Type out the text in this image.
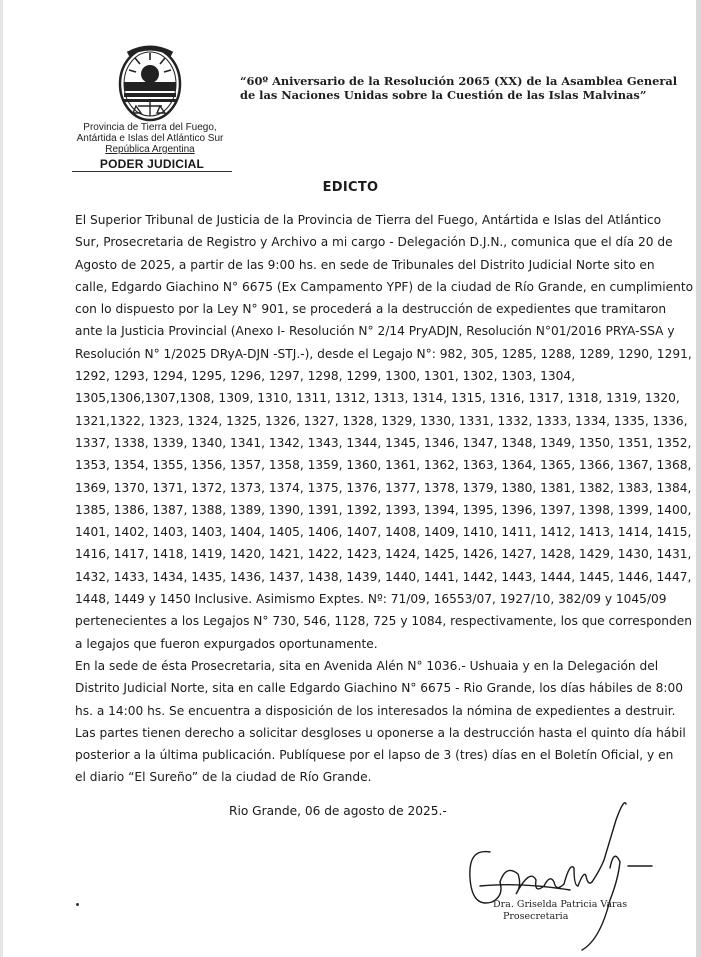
Provincia de Tierra del Fuego,
Antártida e Islas del Atlántico Sur
República Argentina
PODER JUDICIAL
“60º Aniversario de la Resolución 2065 (XX) de la Asamblea General
de las Naciones Unidas sobre la Cuestión de las Islas Malvinas”
EDICTO
El Superior Tribunal de Justicia de la Provincia de Tierra del Fuego, Antártida e Islas del Atlántico
Sur, Prosecretaria de Registro y Archivo a mi cargo - Delegación D.J.N., comunica que el día 20 de
Agosto de 2025, a partir de las 9:00 hs. en sede de Tribunales del Distrito Judicial Norte sito en
calle, Edgardo Giachino N° 6675 (Ex Campamento YPF) de la ciudad de Río Grande, en cumplimiento
con lo dispuesto por la Ley N° 901, se procederá a la destrucción de expedientes que tramitaron
ante la Justicia Provincial (Anexo I- Resolución N° 2/14 PryADJN, Resolución N°01/2016 PRYA-SSA y
Resolución N° 1/2025 DRyA-DJN -STJ.-), desde el Legajo N°: 982, 305, 1285, 1288, 1289, 1290, 1291,
1292, 1293, 1294, 1295, 1296, 1297, 1298, 1299, 1300, 1301, 1302, 1303, 1304,
1305,1306,1307,1308, 1309, 1310, 1311, 1312, 1313, 1314, 1315, 1316, 1317, 1318, 1319, 1320,
1321,1322, 1323, 1324, 1325, 1326, 1327, 1328, 1329, 1330, 1331, 1332, 1333, 1334, 1335, 1336,
1337, 1338, 1339, 1340, 1341, 1342, 1343, 1344, 1345, 1346, 1347, 1348, 1349, 1350, 1351, 1352,
1353, 1354, 1355, 1356, 1357, 1358, 1359, 1360, 1361, 1362, 1363, 1364, 1365, 1366, 1367, 1368,
1369, 1370, 1371, 1372, 1373, 1374, 1375, 1376, 1377, 1378, 1379, 1380, 1381, 1382, 1383, 1384,
1385, 1386, 1387, 1388, 1389, 1390, 1391, 1392, 1393, 1394, 1395, 1396, 1397, 1398, 1399, 1400,
1401, 1402, 1403, 1403, 1404, 1405, 1406, 1407, 1408, 1409, 1410, 1411, 1412, 1413, 1414, 1415,
1416, 1417, 1418, 1419, 1420, 1421, 1422, 1423, 1424, 1425, 1426, 1427, 1428, 1429, 1430, 1431,
1432, 1433, 1434, 1435, 1436, 1437, 1438, 1439, 1440, 1441, 1442, 1443, 1444, 1445, 1446, 1447,
1448, 1449 y 1450 Inclusive. Asimismo Exptes. Nº: 71/09, 16553/07, 1927/10, 382/09 y 1045/09
pertenecientes a los Legajos N° 730, 546, 1128, 725 y 1084, respectivamente, los que corresponden
a legajos que fueron expurgados oportunamente.
En la sede de ésta Prosecretaria, sita en Avenida Alén N° 1036.- Ushuaia y en la Delegación del
Distrito Judicial Norte, sita en calle Edgardo Giachino N° 6675 - Rio Grande, los días hábiles de 8:00
hs. a 14:00 hs. Se encuentra a disposición de los interesados la nómina de expedientes a destruir.
Las partes tienen derecho a solicitar desgloses u oponerse a la destrucción hasta el quinto día hábil
posterior a la última publicación. Publíquese por el lapso de 3 (tres) días en el Boletín Oficial, y en
el diario “El Sureño” de la ciudad de Río Grande.
Rio Grande, 06 de agosto de 2025.-
Dra. Griselda Patricia Varas
Prosecretaria
